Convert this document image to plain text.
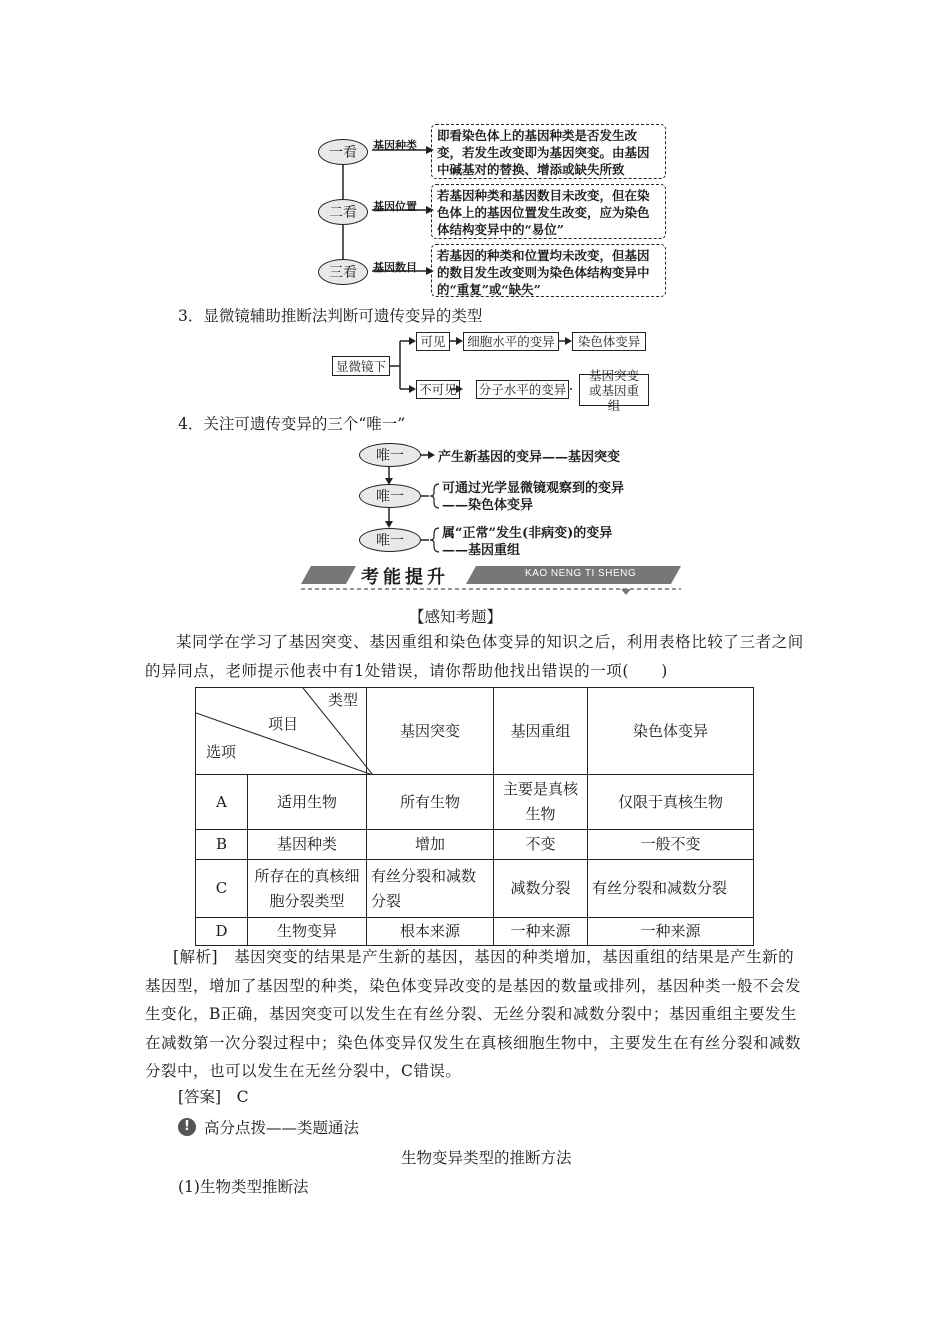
一看
二看
三看
基因种类
基因位置
基因数目
即看染色体上的基因种类是否发生改变，若发生改变即为基因突变。由基因中碱基对的替换、增添或缺失所致
若基因种类和基因数目未改变，但在染色体上的基因位置发生改变，应为染色体结构变异中的“易位”
若基因的种类和位置均未改变，但基因的数目发生改变则为染色体结构变异中的“重复”或“缺失”
3．显微镜辅助推断法判断可遗传变异的类型
显微镜下
可见	细胞水平的变异	染色体变异
不可见 分子水平的变异
基因突变或基因重组
4．关注可遗传变异的三个“唯一”
唯一
唯一
唯一
产生新基因的变异——基因突变
可通过光学显微镜观察到的变异
——染色体变异
属“正常”发生(非病变)的变异
——基因重组
考能提升	KAO NENG TI SHENG
【感知考题】
某同学在学习了基因突变、基因重组和染色体变异的知识之后，利用表格比较了三者之间的异同点，老师提示他表中有1处错误，请你帮助他找出错误的一项(　　)
类型
项目
选项		基因突变	基因重组	染色体变异
A	适用生物	所有生物	主要是真核生物	仅限于真核生物
B	基因种类	增加	不变	一般不变
C	所存在的真核细胞分裂类型	有丝分裂和减数分裂	减数分裂	有丝分裂和减数分裂
D	生物变异	根本来源	一种来源	一种来源
[解析]　基因突变的结果是产生新的基因，基因的种类增加，基因重组的结果是产生新的基因型，增加了基因型的种类，染色体变异改变的是基因的数量或排列，基因种类一般不会发生变化，B正确，基因突变可以发生在有丝分裂、无丝分裂和减数分裂中；基因重组主要发生在减数第一次分裂过程中；染色体变异仅发生在真核细胞生物中，主要发生在有丝分裂和减数分裂中，也可以发生在无丝分裂中，C错误。
[答案]　C
! 高分点拨——类题通法
生物变异类型的推断方法
(1)生物类型推断法
